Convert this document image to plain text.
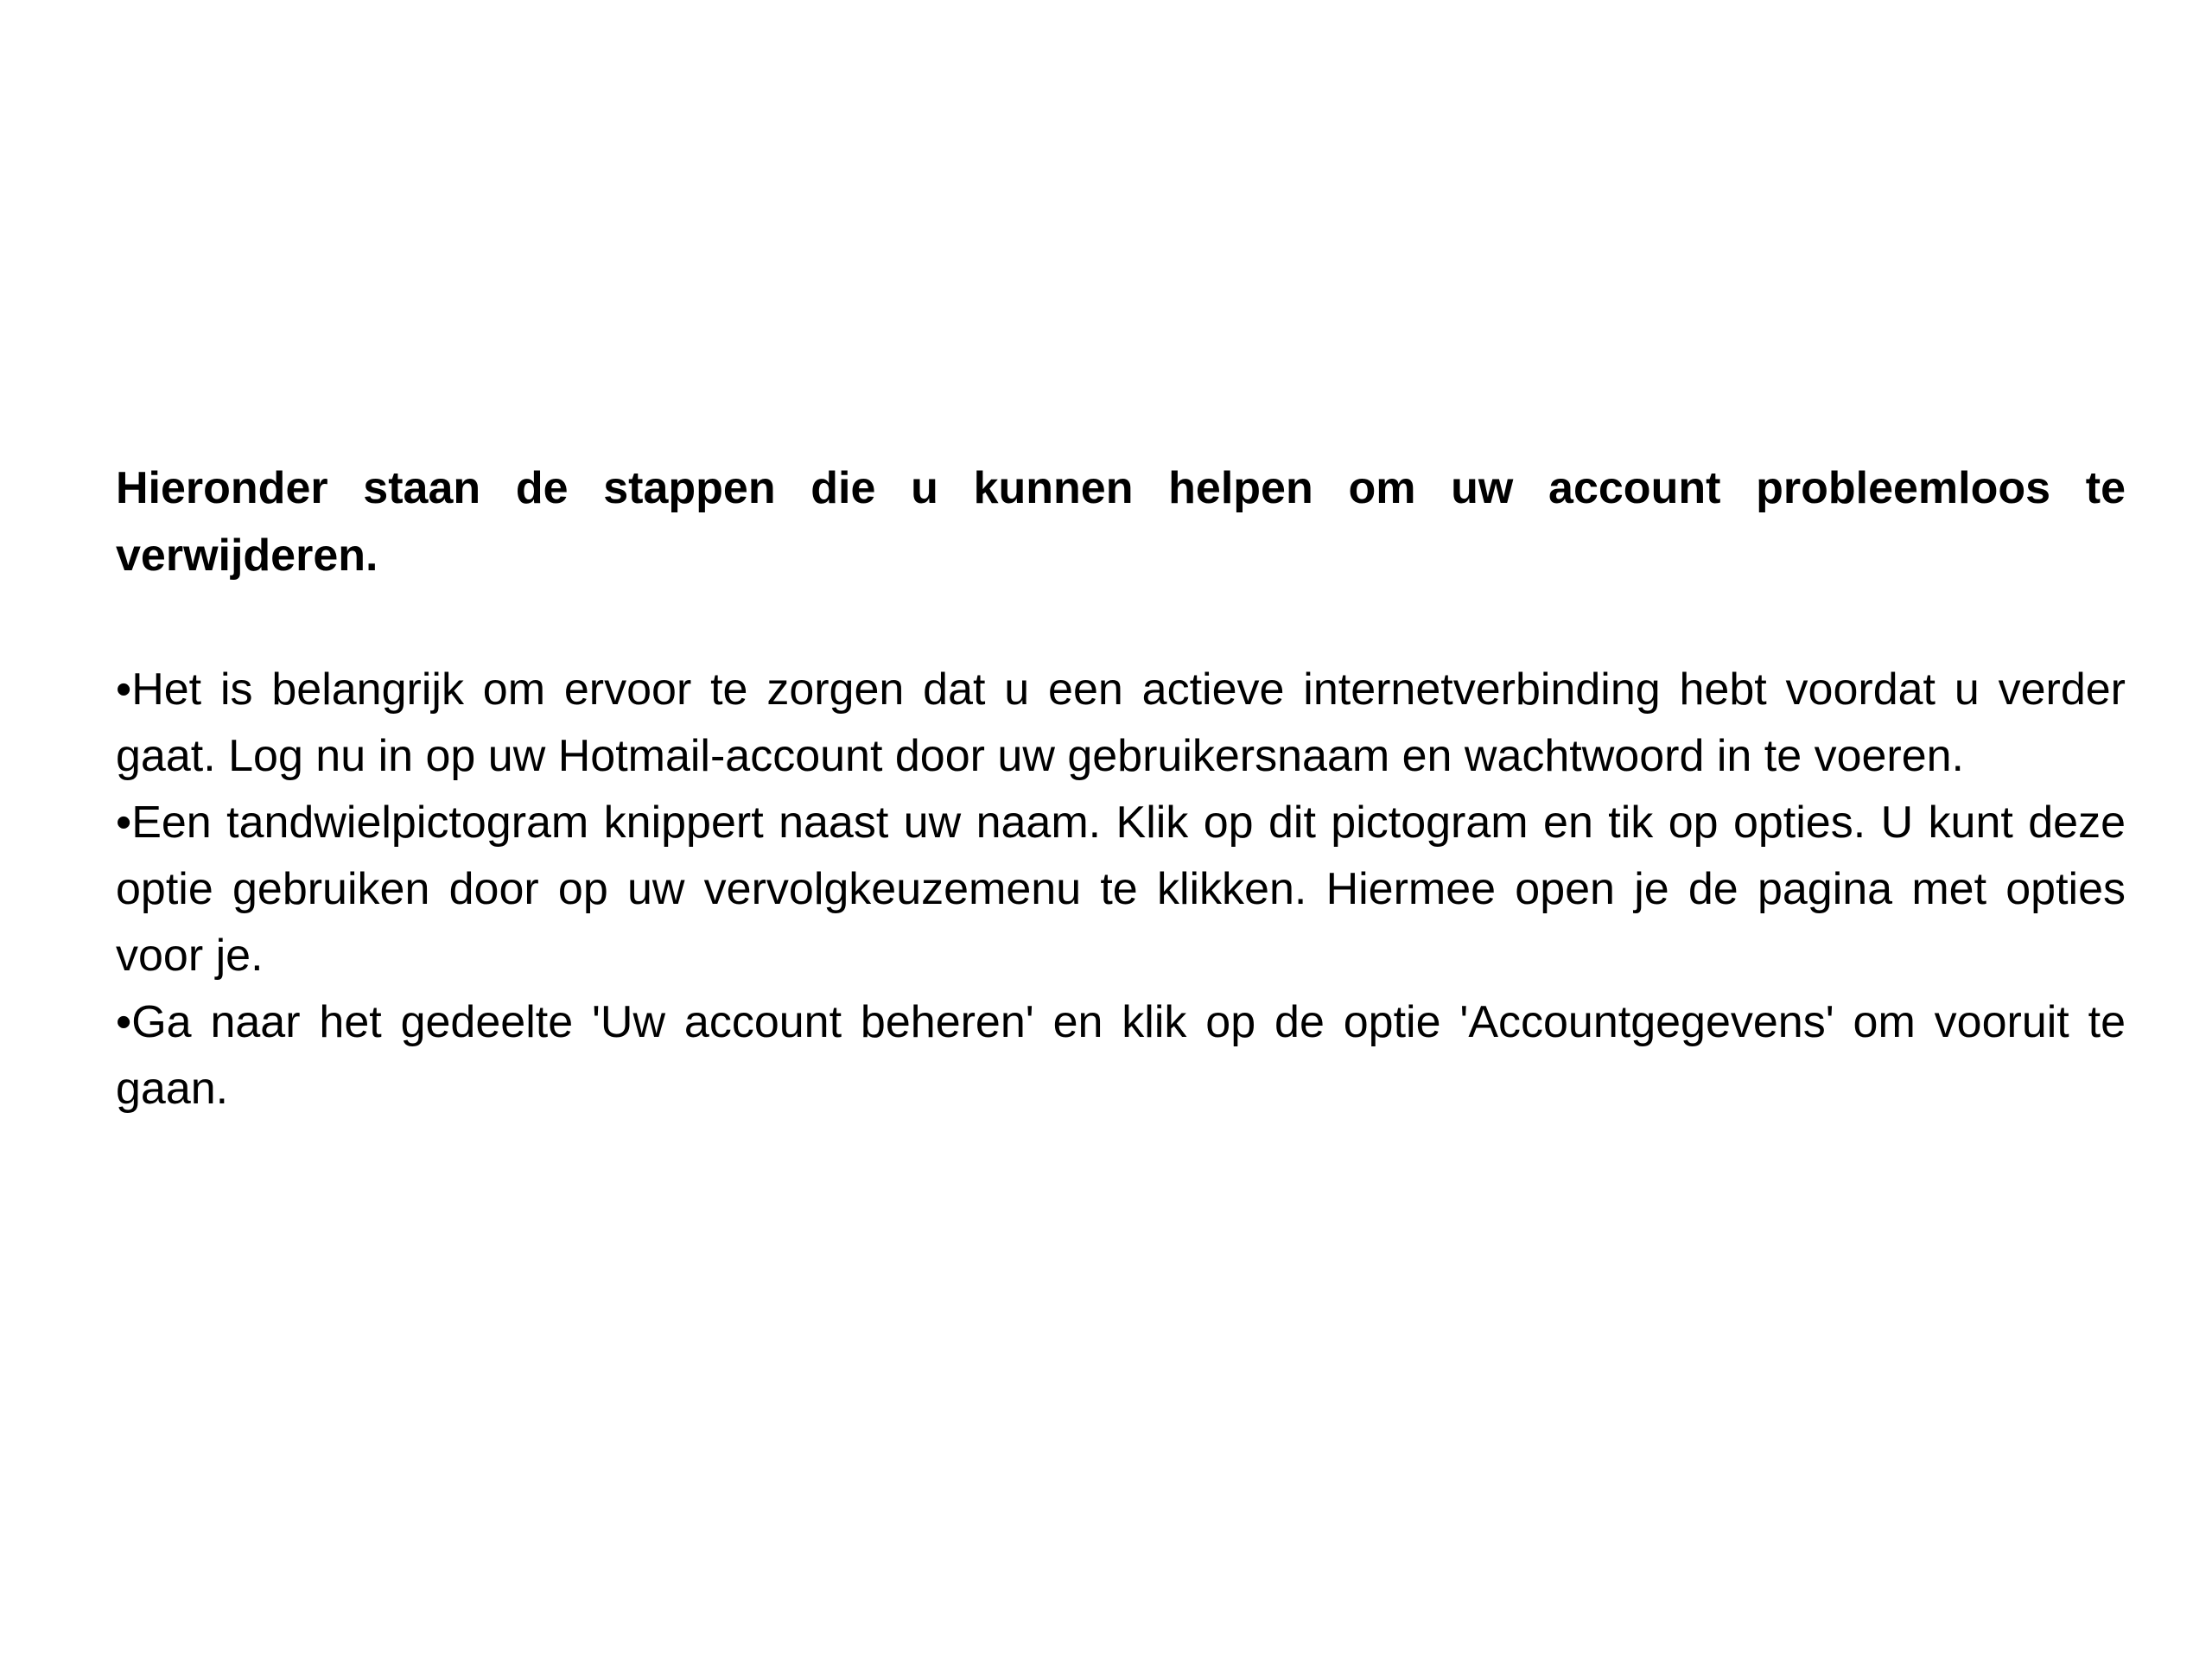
Hieronder staan de stappen die u kunnen helpen om uw account probleemloos te verwijderen.

•Het is belangrijk om ervoor te zorgen dat u een actieve internetverbinding hebt voordat u verder gaat. Log nu in op uw Hotmail-account door uw gebruikersnaam en wachtwoord in te voeren.
•Een tandwielpictogram knippert naast uw naam. Klik op dit pictogram en tik op opties. U kunt deze optie gebruiken door op uw vervolgkeuzemenu te klikken. Hiermee open je de pagina met opties voor je.
•Ga naar het gedeelte 'Uw account beheren' en klik op de optie 'Accountgegevens' om vooruit te gaan.
